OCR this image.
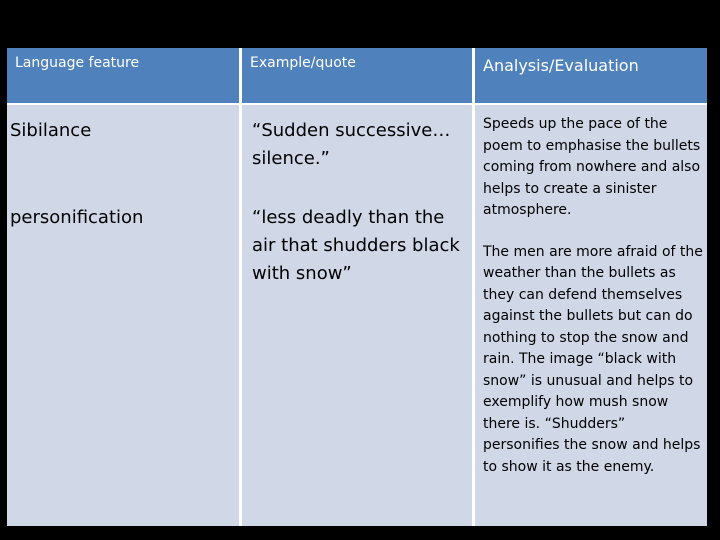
Language feature	Example/quote	Analysis/Evaluation

Sibilance

personification

“Sudden successive…silence.”

“less deadly than the air that shudders black with snow”

Speeds up the pace of the poem to emphasise the bullets coming from nowhere and also helps to create a sinister atmosphere.

The men are more afraid of the weather than the bullets as they can defend themselves against the bullets but can do nothing to stop the snow and rain. The image “black with snow” is unusual and helps to exemplify how mush snow there is. “Shudders” personifies the snow and helps to show it as the enemy.
